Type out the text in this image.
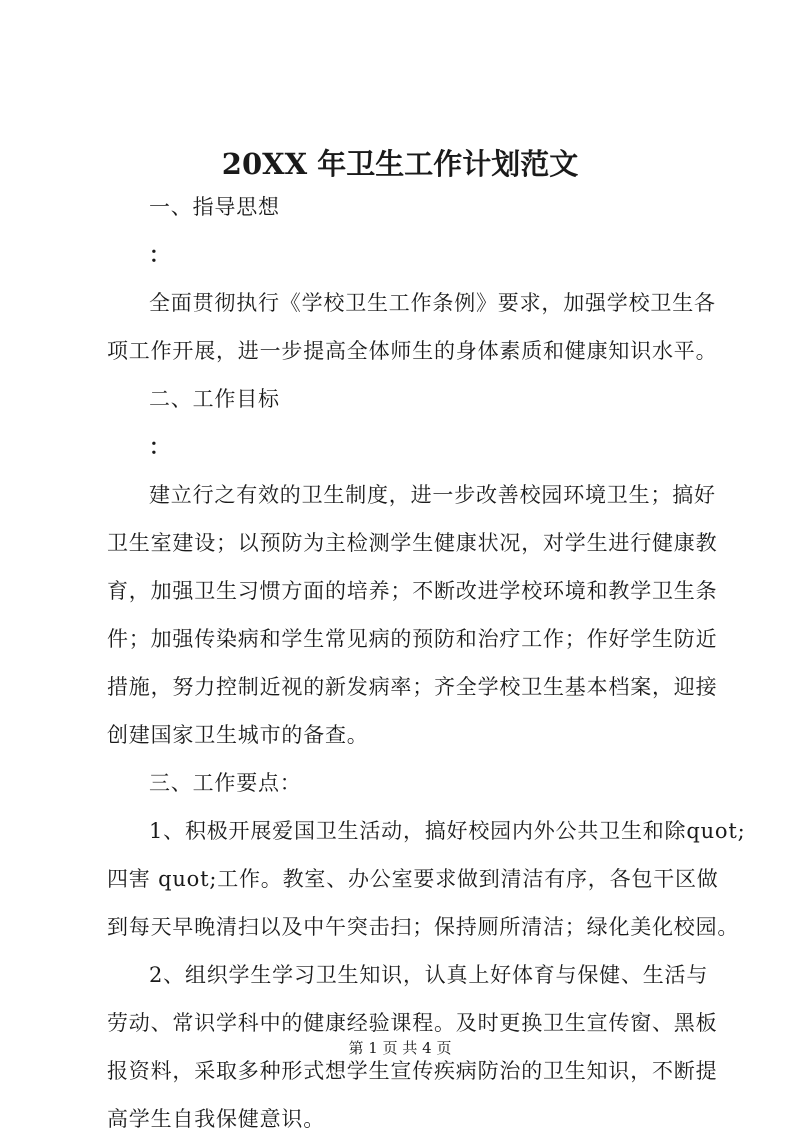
20XX 年卫生工作计划范文

一、指导思想

：

全面贯彻执行《学校卫生工作条例》要求，加强学校卫生各

项工作开展，进一步提高全体师生的身体素质和健康知识水平。

二、工作目标

：

建立行之有效的卫生制度，进一步改善校园环境卫生；搞好

卫生室建设；以预防为主检测学生健康状况，对学生进行健康教

育，加强卫生习惯方面的培养；不断改进学校环境和教学卫生条

件；加强传染病和学生常见病的预防和治疗工作；作好学生防近

措施，努力控制近视的新发病率；齐全学校卫生基本档案，迎接

创建国家卫生城市的备查。

三、工作要点：

1、积极开展爱国卫生活动，搞好校园内外公共卫生和除quot;

四害 quot;工作。教室、办公室要求做到清洁有序，各包干区做

到每天早晚清扫以及中午突击扫；保持厕所清洁；绿化美化校园。

2、组织学生学习卫生知识，认真上好体育与保健、生活与

劳动、常识学科中的健康经验课程。及时更换卫生宣传窗、黑板

报资料，采取多种形式想学生宣传疾病防治的卫生知识，不断提

高学生自我保健意识。

第 1 页 共 4 页
